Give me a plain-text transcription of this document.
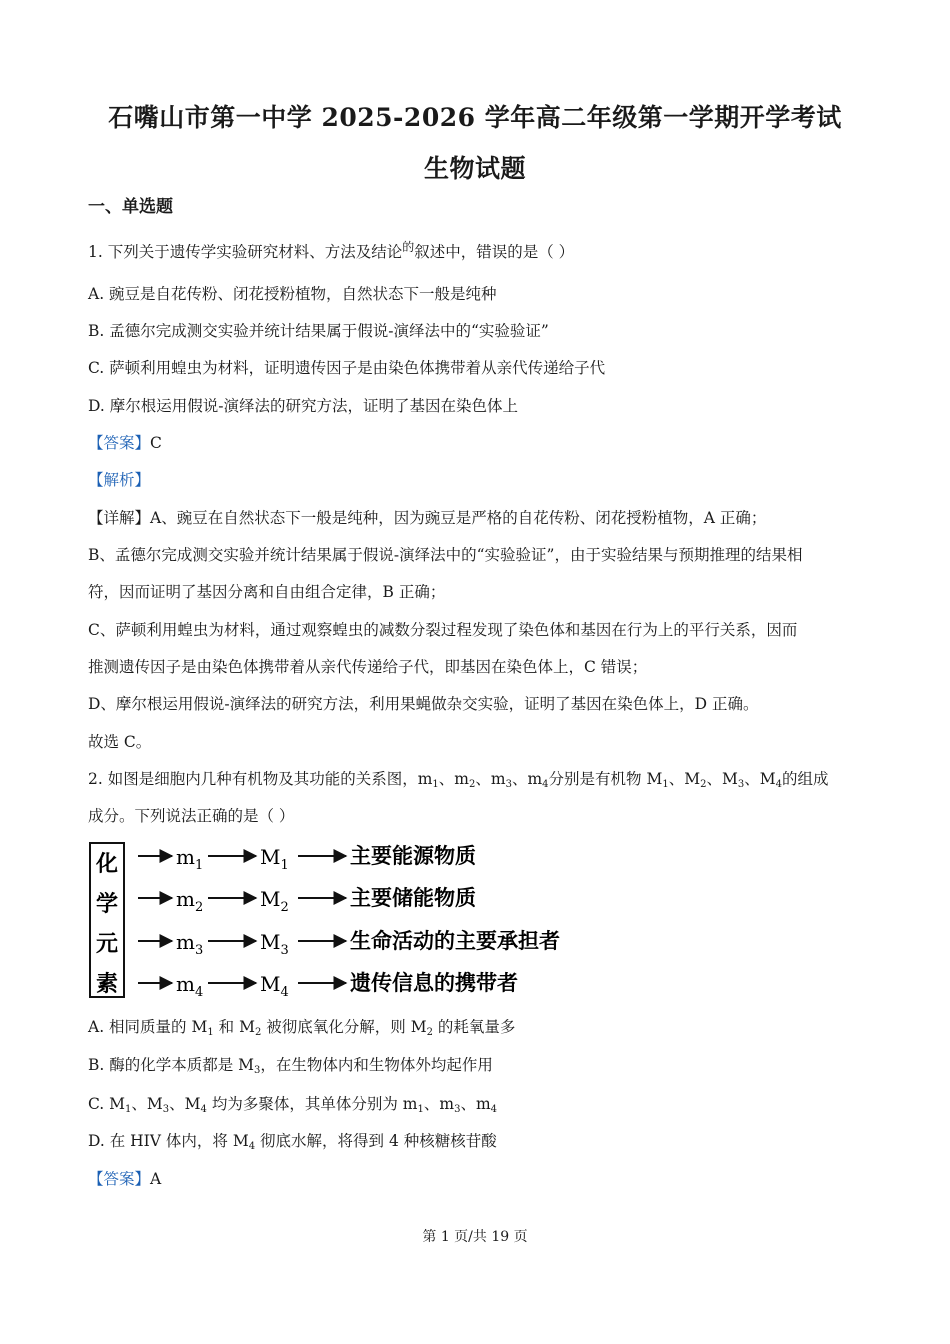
石嘴山市第一中学 2025-2026 学年高二年级第一学期开学考试
生物试题
一、单选题
1. 下列关于遗传学实验研究材料、方法及结论$^的$叙述中，错误的是（ ）
A. 豌豆是自花传粉、闭花授粉植物，自然状态下一般是纯种
B. 孟德尔完成测交实验并统计结果属于假说-演绎法中的“实验验证”
C. 萨顿利用蝗虫为材料，证明遗传因子是由染色体携带着从亲代传递给子代
D. 摩尔根运用假说-演绎法的研究方法，证明了基因在染色体上
【答案】C
【解析】
【详解】A、豌豆在自然状态下一般是纯种，因为豌豆是严格的自花传粉、闭花授粉植物，A 正确；
B、孟德尔完成测交实验并统计结果属于假说-演绎法中的“实验验证”，由于实验结果与预期推理的结果相
符，因而证明了基因分离和自由组合定律，B 正确；
C、萨顿利用蝗虫为材料，通过观察蝗虫的减数分裂过程发现了染色体和基因在行为上的平行关系，因而
推测遗传因子是由染色体携带着从亲代传递给子代，即基因在染色体上，C 错误；
D、摩尔根运用假说-演绎法的研究方法，利用果蝇做杂交实验，证明了基因在染色体上，D 正确。
故选 C。
2. 如图是细胞内几种有机物及其功能的关系图，$m_1$、$m_2$、$m_3$、$m_4$分别是有机物 $M_1$、$M_2$、$M_3$、$M_4$的组成
成分。下列说法正确的是（ ）
化
学
元
素
$m_1$	$M_1$	主要能源物质
$m_2$	$M_2$	主要储能物质
$m_3$	$M_3$	生命活动的主要承担者
$m_4$	$M_4$	遗传信息的携带者
A. 相同质量的 $M_1$ 和 $M_2$ 被彻底氧化分解，则 $M_2$ 的耗氧量多
B. 酶的化学本质都是 $M_3$，在生物体内和生物体外均起作用
C. $M_1$、$M_3$、$M_4$ 均为多聚体，其单体分别为 $m_1$、$m_3$、$m_4$
D. 在 HIV 体内，将 $M_4$ 彻底水解，将得到 4 种核糖核苷酸
【答案】A
第 1 页/共 19 页
